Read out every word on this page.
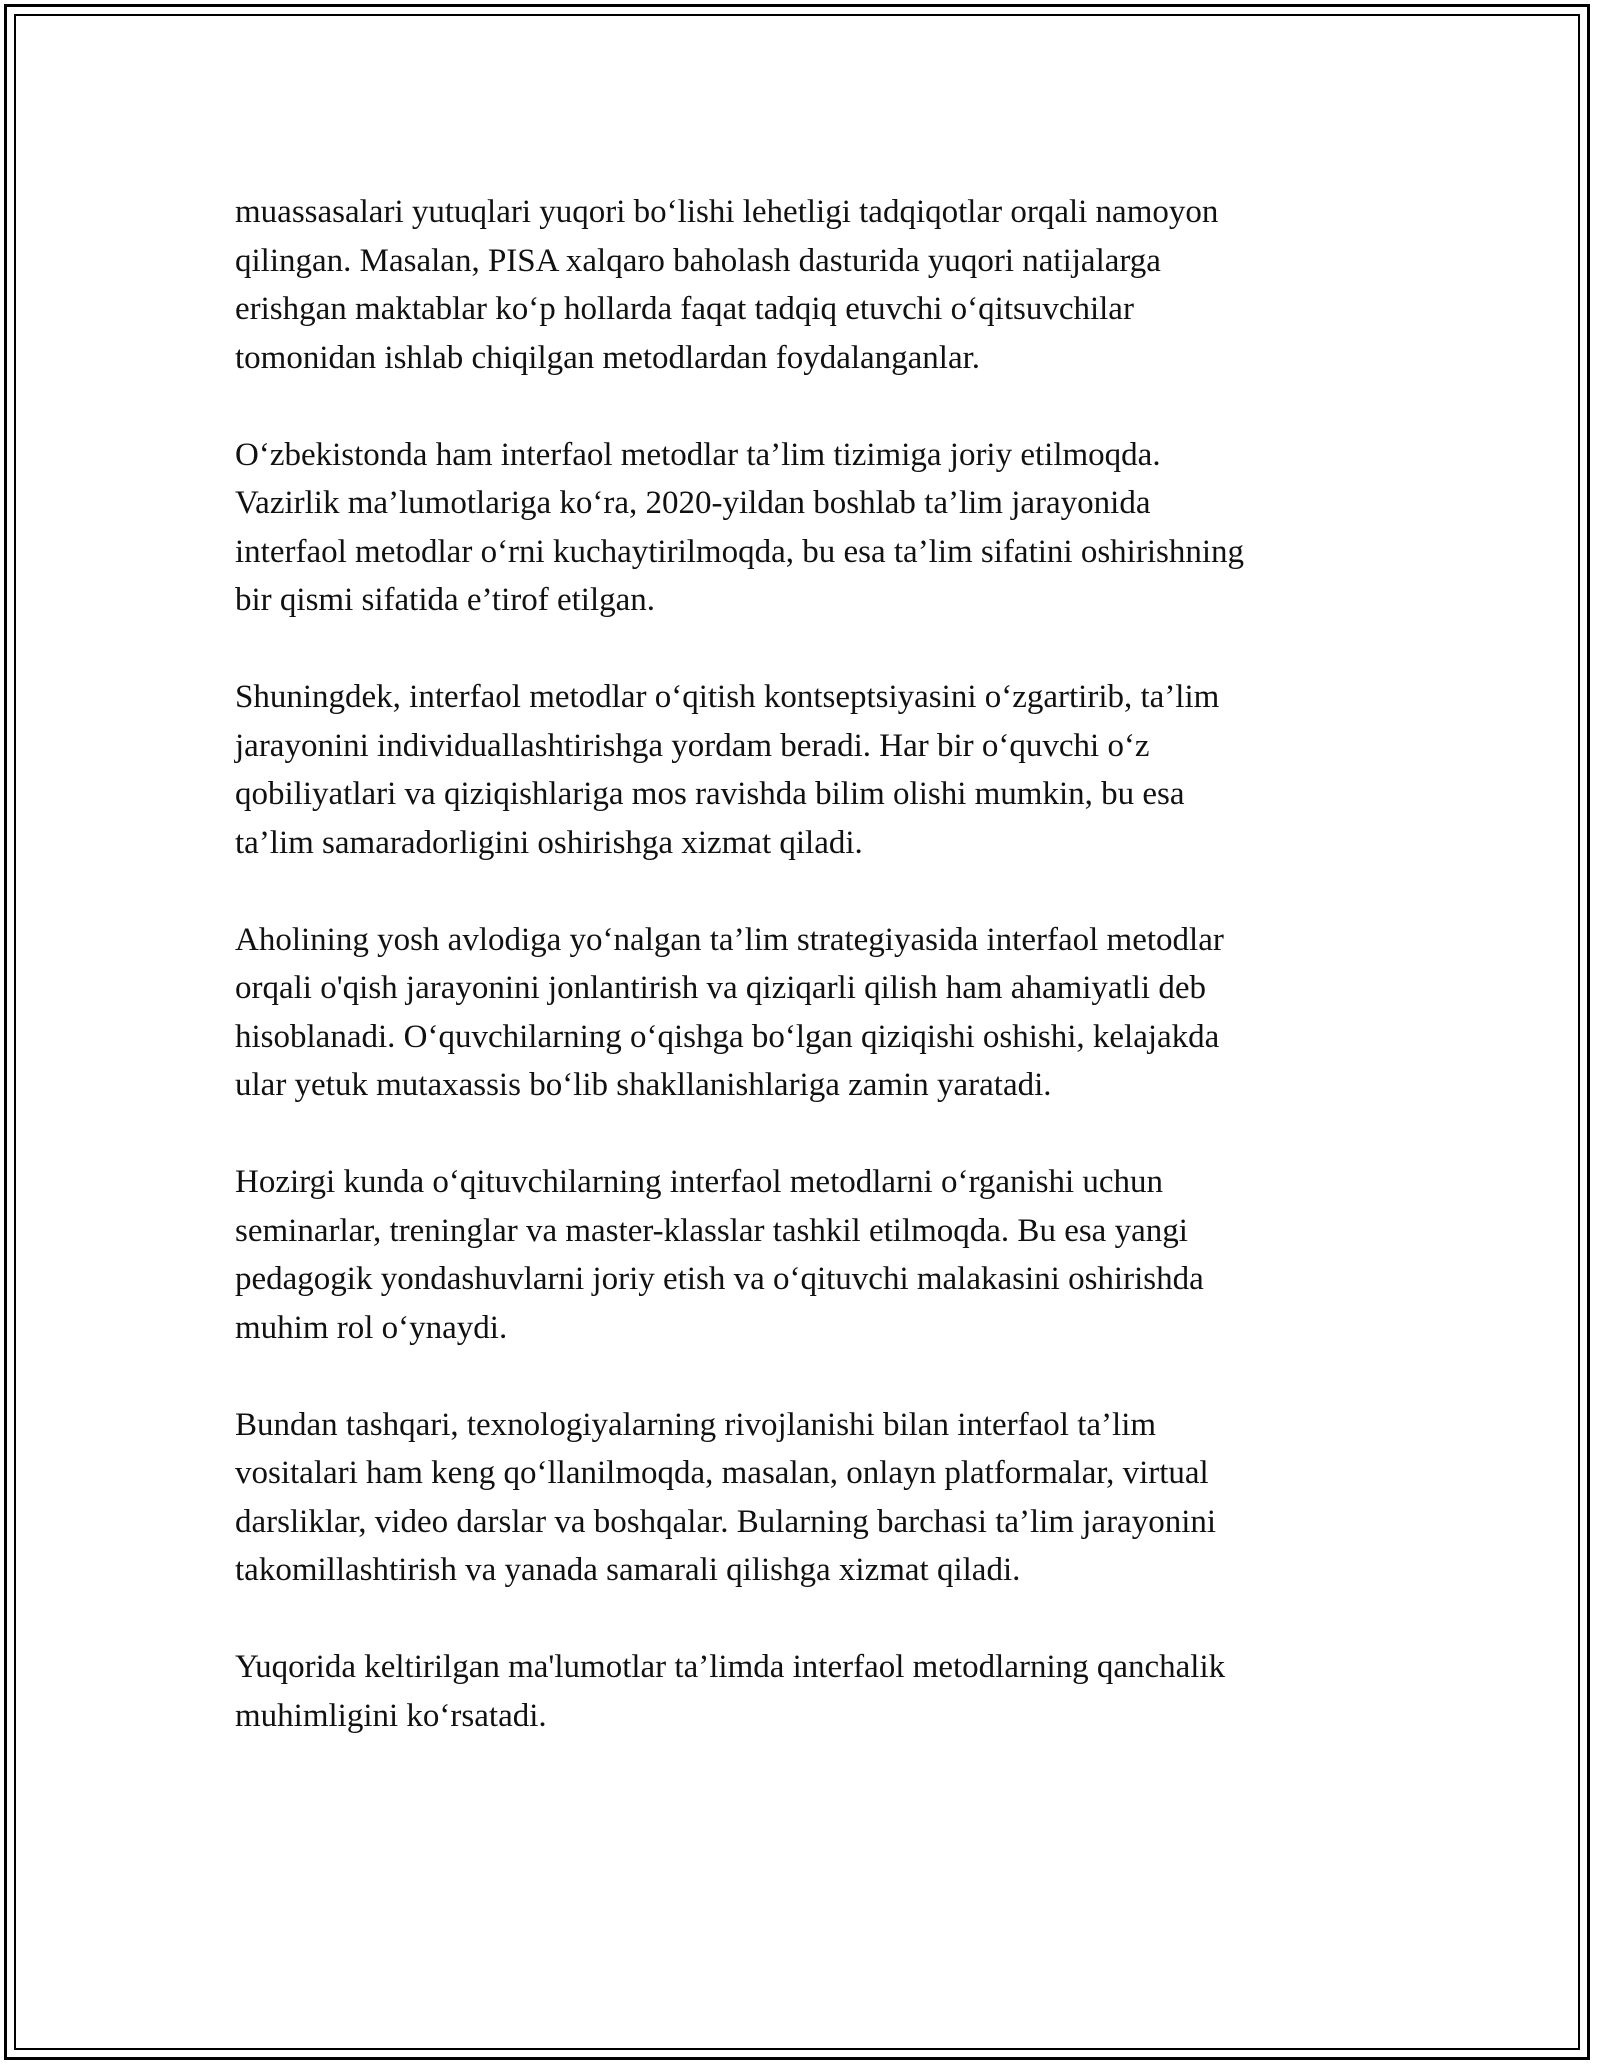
muassasalari yutuqlari yuqori bo‘lishi lehetligi tadqiqotlar orqali namoyon
qilingan. Masalan, PISA xalqaro baholash dasturida yuqori natijalarga
erishgan maktablar ko‘p hollarda faqat tadqiq etuvchi o‘qitsuvchilar
tomonidan ishlab chiqilgan metodlardan foydalanganlar.

O‘zbekistonda ham interfaol metodlar ta’lim tizimiga joriy etilmoqda.
Vazirlik ma’lumotlariga ko‘ra, 2020-yildan boshlab ta’lim jarayonida
interfaol metodlar o‘rni kuchaytirilmoqda, bu esa ta’lim sifatini oshirishning
bir qismi sifatida e’tirof etilgan.

Shuningdek, interfaol metodlar o‘qitish kontseptsiyasini o‘zgartirib, ta’lim
jarayonini individuallashtirishga yordam beradi. Har bir o‘quvchi o‘z
qobiliyatlari va qiziqishlariga mos ravishda bilim olishi mumkin, bu esa
ta’lim samaradorligini oshirishga xizmat qiladi.

Aholining yosh avlodiga yo‘nalgan ta’lim strategiyasida interfaol metodlar
orqali o'qish jarayonini jonlantirish va qiziqarli qilish ham ahamiyatli deb
hisoblanadi. O‘quvchilarning o‘qishga bo‘lgan qiziqishi oshishi, kelajakda
ular yetuk mutaxassis bo‘lib shakllanishlariga zamin yaratadi.

Hozirgi kunda o‘qituvchilarning interfaol metodlarni o‘rganishi uchun
seminarlar, treninglar va master-klasslar tashkil etilmoqda. Bu esa yangi
pedagogik yondashuvlarni joriy etish va o‘qituvchi malakasini oshirishda
muhim rol o‘ynaydi.

Bundan tashqari, texnologiyalarning rivojlanishi bilan interfaol ta’lim
vositalari ham keng qo‘llanilmoqda, masalan, onlayn platformalar, virtual
darsliklar, video darslar va boshqalar. Bularning barchasi ta’lim jarayonini
takomillashtirish va yanada samarali qilishga xizmat qiladi.

Yuqorida keltirilgan ma'lumotlar ta’limda interfaol metodlarning qanchalik
muhimligini ko‘rsatadi.
